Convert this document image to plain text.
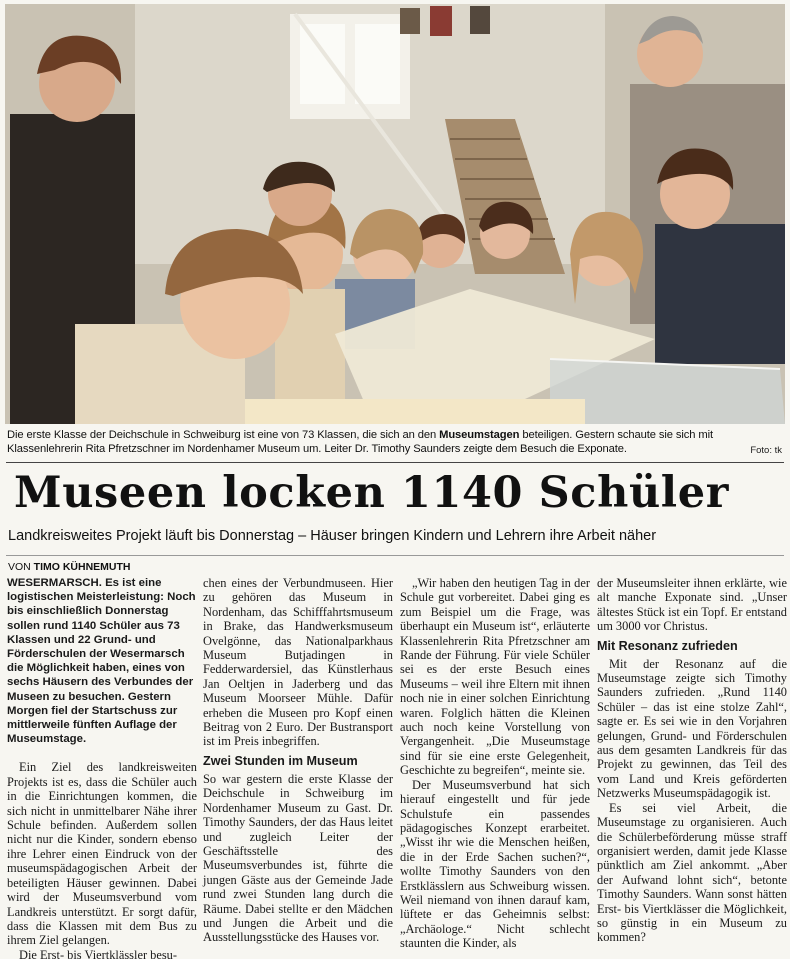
Die erste Klasse der Deichschule in Schweiburg ist eine von 73 Klassen, die sich an den Museumstagen beteiligen. Gestern schaute sie sich mit Klassenlehrerin Rita Pfretzschner im Nordenhamer Museum um. Leiter Dr. Timothy Saunders zeigte dem Besuch die Exponate.	Foto: tk
Museen locken 1140 Schüler
Landkreisweites Projekt läuft bis Donnerstag – Häuser bringen Kindern und Lehrern ihre Arbeit näher
VON TIMO KÜHNEMUTH

WESERMARSCH. Es ist eine logistischen Meisterleistung: Noch bis einschließlich Donnerstag sollen rund 1140 Schüler aus 73 Klassen und 22 Grund- und Förderschulen der Wesermarsch die Möglichkeit haben, eines von sechs Häusern des Verbundes der Museen zu besuchen. Gestern Morgen fiel der Startschuss zur mittlerweile fünften Auflage der Museumstage.

Ein Ziel des landkreisweiten Projekts ist es, dass die Schüler auch in die Einrichtungen kommen, die sich nicht in unmittelbarer Nähe ihrer Schule befinden. Außerdem sollen nicht nur die Kinder, sondern ebenso ihre Lehrer einen Eindruck von der museumspädagogischen Arbeit der beteiligten Häuser gewinnen. Dabei wird der Museumsverbund vom Landkreis unterstützt. Er sorgt dafür, dass die Klassen mit dem Bus zu ihrem Ziel gelangen.

Die Erst- bis Viertklässler besu-

chen eines der Verbundmuseen. Hier zu gehören das Museum in Nordenham, das Schifffahrtsmuseum in Brake, das Handwerksmuseum Ovelgönne, das Nationalparkhaus Museum Butjadingen in Fedderwardersiel, das Künstlerhaus Jan Oeltjen in Jaderberg und das Museum Moorseer Mühle. Dafür erheben die Museen pro Kopf einen Beitrag von 2 Euro. Der Bustransport ist im Preis inbegriffen.

Zwei Stunden im Museum

So war gestern die erste Klasse der Deichschule in Schweiburg im Nordenhamer Museum zu Gast. Dr. Timothy Saunders, der das Haus leitet und zugleich Leiter der Geschäftsstelle des Museumsverbundes ist, führte die jungen Gäste aus der Gemeinde Jade rund zwei Stunden lang durch die Räume. Dabei stellte er den Mädchen und Jungen die Arbeit und die Ausstellungsstücke des Hauses vor.

„Wir haben den heutigen Tag in der Schule gut vorbereitet. Dabei ging es zum Beispiel um die Frage, was überhaupt ein Museum ist“, erläuterte Klassenlehrerin Rita Pfretzschner am Rande der Führung. Für viele Schüler sei es der erste Besuch eines Museums – weil ihre Eltern mit ihnen noch nie in einer solchen Einrichtung waren. Folglich hätten die Kleinen auch noch keine Vorstellung von Vergangenheit. „Die Museumstage sind für sie eine erste Gelegenheit, Geschichte zu begreifen“, meinte sie.

Der Museumsverbund hat sich hierauf eingestellt und für jede Schulstufe ein passendes pädagogisches Konzept erarbeitet. „Wisst ihr wie die Menschen heißen, die in der Erde Sachen suchen?“, wollte Timothy Saunders von den Erstklässlern aus Schweiburg wissen. Weil niemand von ihnen darauf kam, lüftete er das Geheimnis selbst: „Archäologe.“ Nicht schlecht staunten die Kinder, als

der Museumsleiter ihnen erklärte, wie alt manche Exponate sind. „Unser ältestes Stück ist ein Topf. Er entstand um 3000 vor Christus.

Mit Resonanz zufrieden

Mit der Resonanz auf die Museumstage zeigte sich Timothy Saunders zufrieden. „Rund 1140 Schüler – das ist eine stolze Zahl“, sagte er. Es sei wie in den Vorjahren gelungen, Grund- und Förderschulen aus dem gesamten Landkreis für das Projekt zu gewinnen, das Teil des vom Land und Kreis geförderten Netzwerks Museumspädagogik ist.

Es sei viel Arbeit, die Museumstage zu organisieren. Auch die Schülerbeförderung müsse straff organisiert werden, damit jede Klasse pünktlich am Ziel ankommt. „Aber der Aufwand lohnt sich“, betonte Timothy Saunders. Wann sonst hätten Erst- bis Viertklässer die Möglichkeit, so günstig in ein Museum zu kommen?
